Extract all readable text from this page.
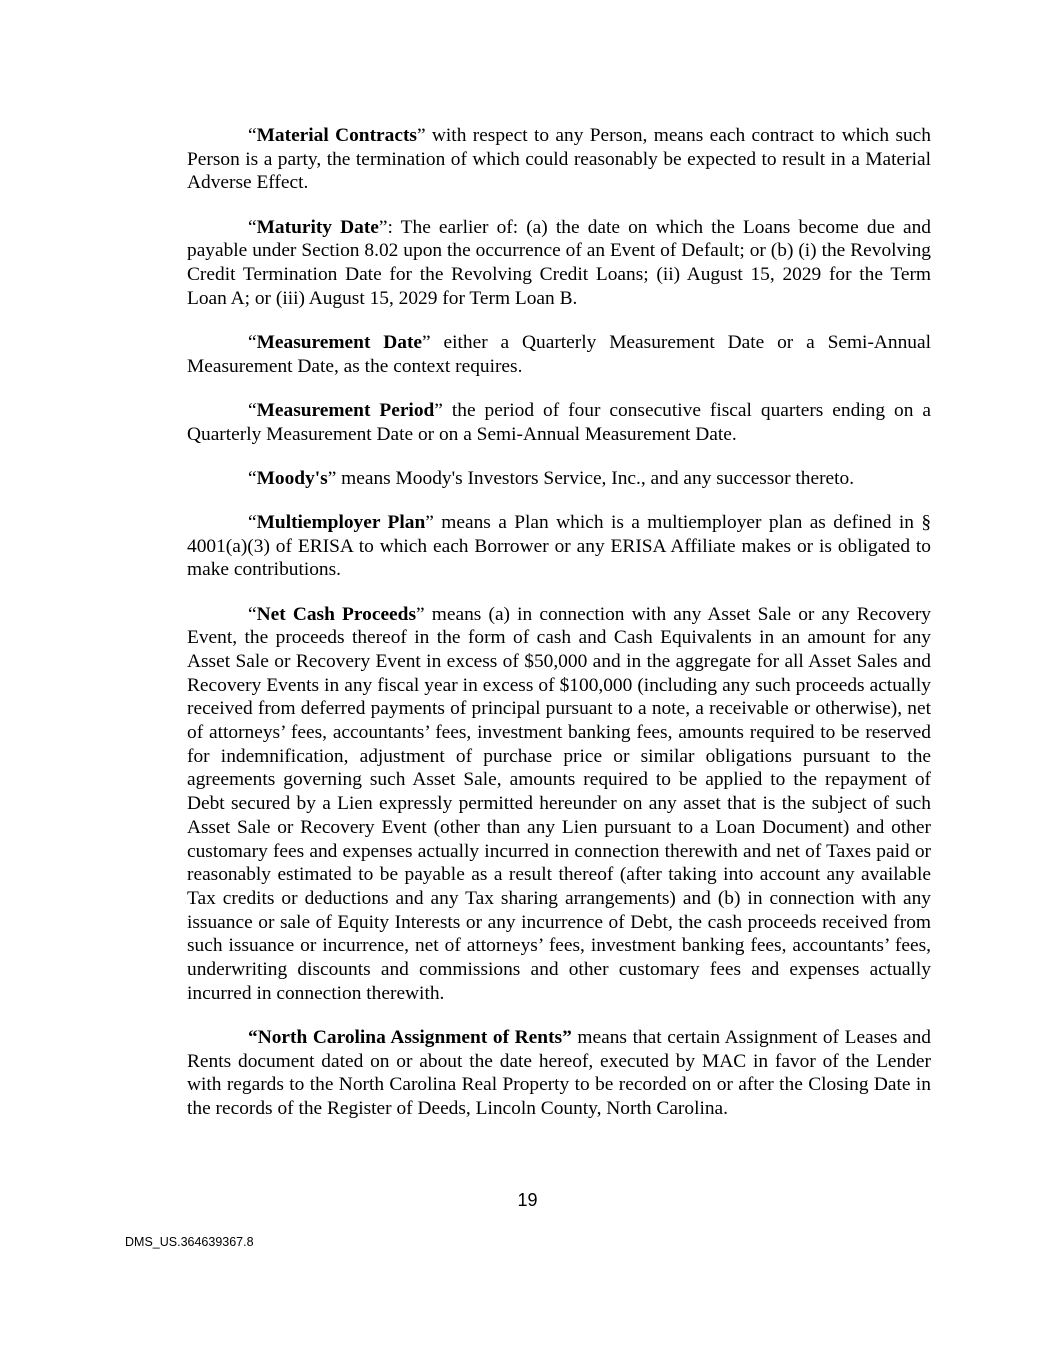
“Material Contracts” with respect to any Person, means each contract to which such Person is a party, the termination of which could reasonably be expected to result in a Material Adverse Effect.

“Maturity Date”: The earlier of: (a) the date on which the Loans become due and payable under Section 8.02 upon the occurrence of an Event of Default; or (b) (i) the Revolving Credit Termination Date for the Revolving Credit Loans; (ii) August 15, 2029 for the Term Loan A; or (iii) August 15, 2029 for Term Loan B.

“Measurement Date” either a Quarterly Measurement Date or a Semi-Annual Measurement Date, as the context requires.

“Measurement Period” the period of four consecutive fiscal quarters ending on a Quarterly Measurement Date or on a Semi-Annual Measurement Date.

“Moody's” means Moody's Investors Service, Inc., and any successor thereto.

“Multiemployer Plan” means a Plan which is a multiemployer plan as defined in § 4001(a)(3) of ERISA to which each Borrower or any ERISA Affiliate makes or is obligated to make contributions.

“Net Cash Proceeds” means (a) in connection with any Asset Sale or any Recovery Event, the proceeds thereof in the form of cash and Cash Equivalents in an amount for any Asset Sale or Recovery Event in excess of $50,000 and in the aggregate for all Asset Sales and Recovery Events in any fiscal year in excess of $100,000 (including any such proceeds actually received from deferred payments of principal pursuant to a note, a receivable or otherwise), net of attorneys’ fees, accountants’ fees, investment banking fees, amounts required to be reserved for indemnification, adjustment of purchase price or similar obligations pursuant to the agreements governing such Asset Sale, amounts required to be applied to the repayment of Debt secured by a Lien expressly permitted hereunder on any asset that is the subject of such Asset Sale or Recovery Event (other than any Lien pursuant to a Loan Document) and other customary fees and expenses actually incurred in connection therewith and net of Taxes paid or reasonably estimated to be payable as a result thereof (after taking into account any available Tax credits or deductions and any Tax sharing arrangements) and (b) in connection with any issuance or sale of Equity Interests or any incurrence of Debt, the cash proceeds received from such issuance or incurrence, net of attorneys’ fees, investment banking fees, accountants’ fees, underwriting discounts and commissions and other customary fees and expenses actually incurred in connection therewith.

“North Carolina Assignment of Rents” means that certain Assignment of Leases and Rents document dated on or about the date hereof, executed by MAC in favor of the Lender with regards to the North Carolina Real Property to be recorded on or after the Closing Date in the records of the Register of Deeds, Lincoln County, North Carolina.

19
DMS_US.364639367.8
